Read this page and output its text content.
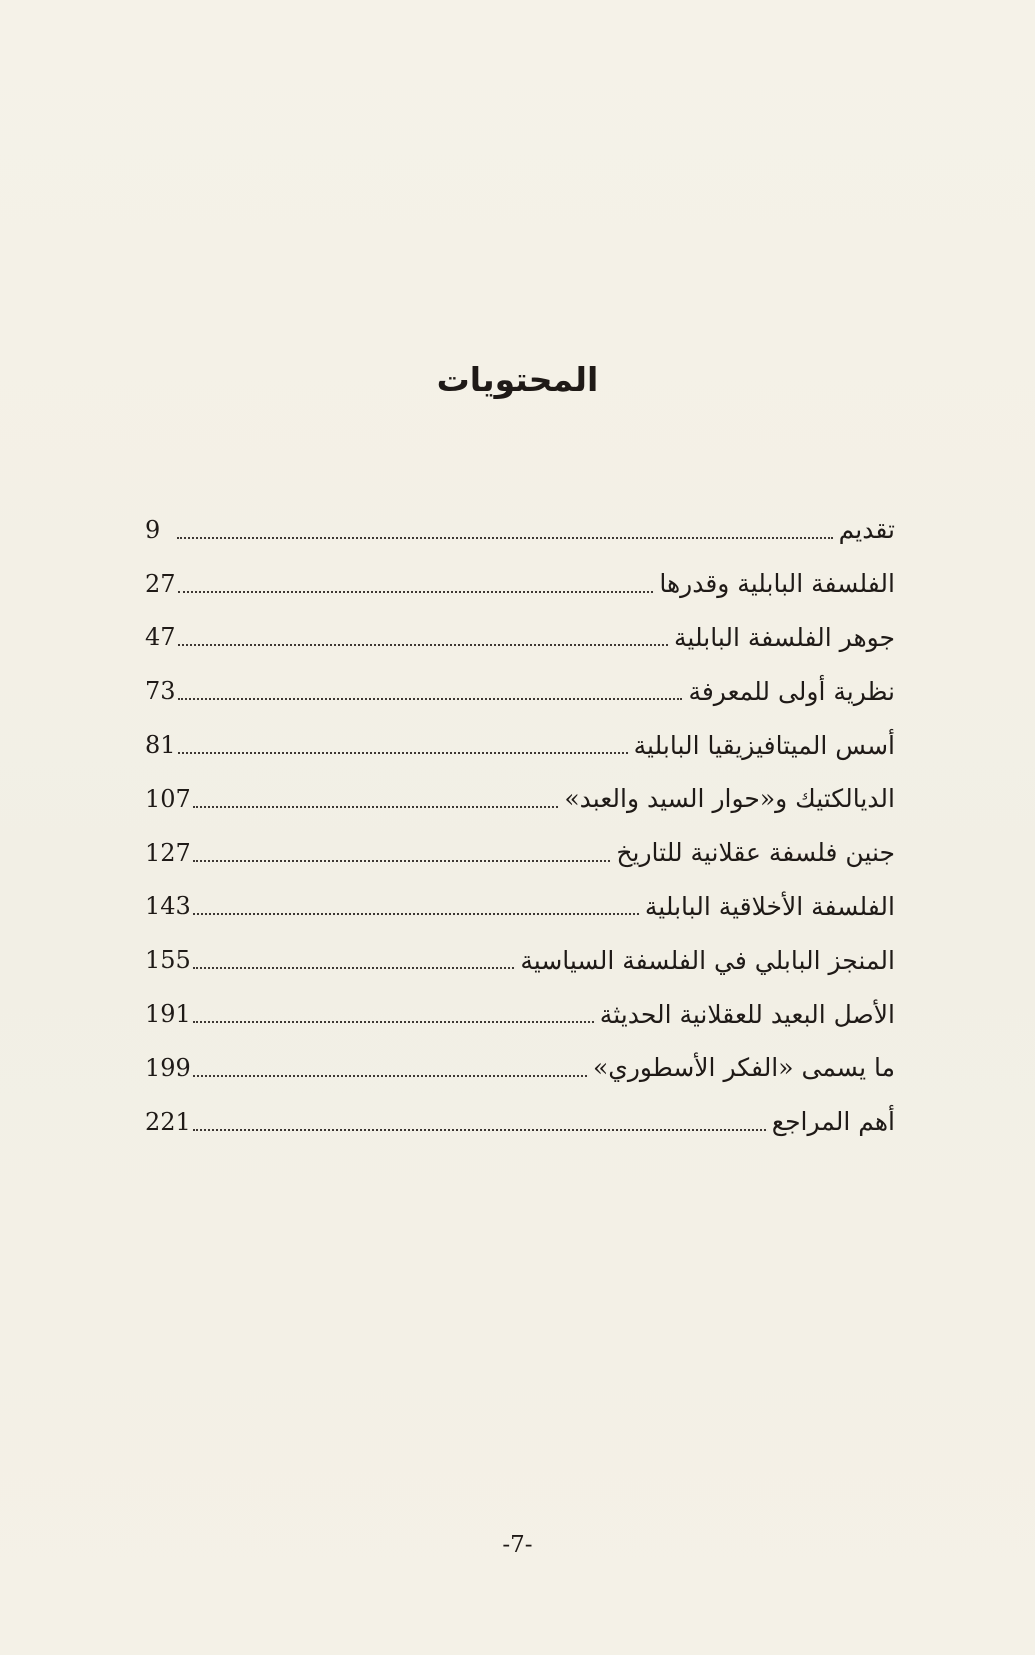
المحتويات
9	تقديم
27	الفلسفة البابلية وقدرها
47	جوهر الفلسفة البابلية
73	نظرية أولى للمعرفة
81	أسس الميتافيزيقيا البابلية
107	الديالكتيك و«حوار السيد والعبد»
127	جنين فلسفة عقلانية للتاريخ
143	الفلسفة الأخلاقية البابلية
155	المنجز البابلي في الفلسفة السياسية
191	الأصل البعيد للعقلانية الحديثة
199	ما يسمى «الفكر الأسطوري»
221	أهم المراجع
-7-
